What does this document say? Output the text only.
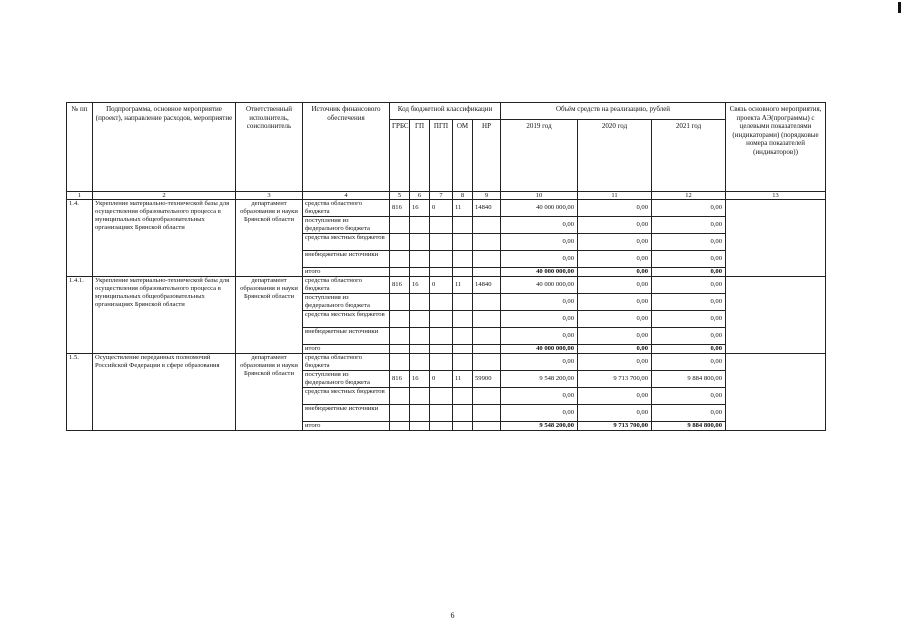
№ пп	Подпрограмма, основное мероприятие (проект), направление расходов, мероприятие	Ответственный исполнитель, соисполнитель	Источник финансового обеспечения	Код бюджетной классификации					Объём средств на реализацию, рублей			Связь основного мероприятия, проекта АЭ(программы) с целевыми показателями (индикаторами) (порядковые номера показателей (индикаторов))
				ГРБС	ГП	ПГП	ОМ	НР	2019 год	2020 год	2021 год	
1	2	3	4	5	6	7	8	9	10	11	12	13
1.4.	Укрепление материально-технической базы для осуществления образовательного процесса в муниципальных общеобразовательных организациях Брянской области	департамент образования и науки Брянской области	средства областного бюджета	816	16	0	11	14840	40 000 000,00	0,00	0,00	
			поступления из федерального бюджета						0,00	0,00	0,00	
			средства местных бюджетов						0,00	0,00	0,00	
			внебюджетные источники						0,00	0,00	0,00	
			итого						40 000 000,00	0,00	0,00	
1.4.1.	Укрепление материально-технической базы для осуществления образовательного процесса в муниципальных общеобразовательных организациях Брянской области	департамент образования и науки Брянской области	средства областного бюджета	816	16	0	11	14840	40 000 000,00	0,00	0,00	
			поступления из федерального бюджета						0,00	0,00	0,00	
			средства местных бюджетов						0,00	0,00	0,00	
			внебюджетные источники						0,00	0,00	0,00	
			итого						40 000 000,00	0,00	0,00	
1.5.	Осуществление переданных полномочий Российской Федерации в сфере образования	департамент образования и науки Брянской области	средства областного бюджета						0,00	0,00	0,00	
			поступления из федерального бюджета	816	16	0	11	59900	9 548 200,00	9 713 700,00	9 884 800,00	
			средства местных бюджетов						0,00	0,00	0,00	
			внебюджетные источники						0,00	0,00	0,00	
			итого						9 548 200,00	9 713 700,00	9 884 800,00	
6
